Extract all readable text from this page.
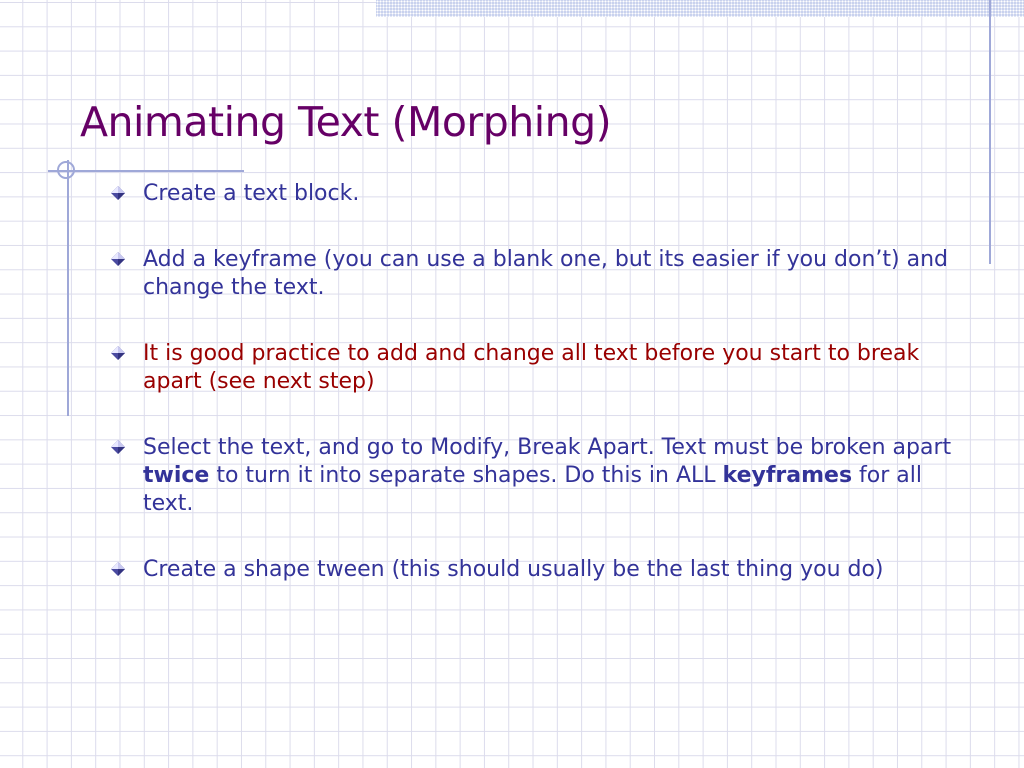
Animating Text (Morphing)
Create a text block.
Add a keyframe (you can use a blank one, but its easier if you don’t) and change the text.
It is good practice to add and change all text before you start to break apart (see next step)
Select the text, and go to Modify, Break Apart. Text must be broken apart twice to turn it into separate shapes. Do this in ALL keyframes for all text.
Create a shape tween (this should usually be the last thing you do)
